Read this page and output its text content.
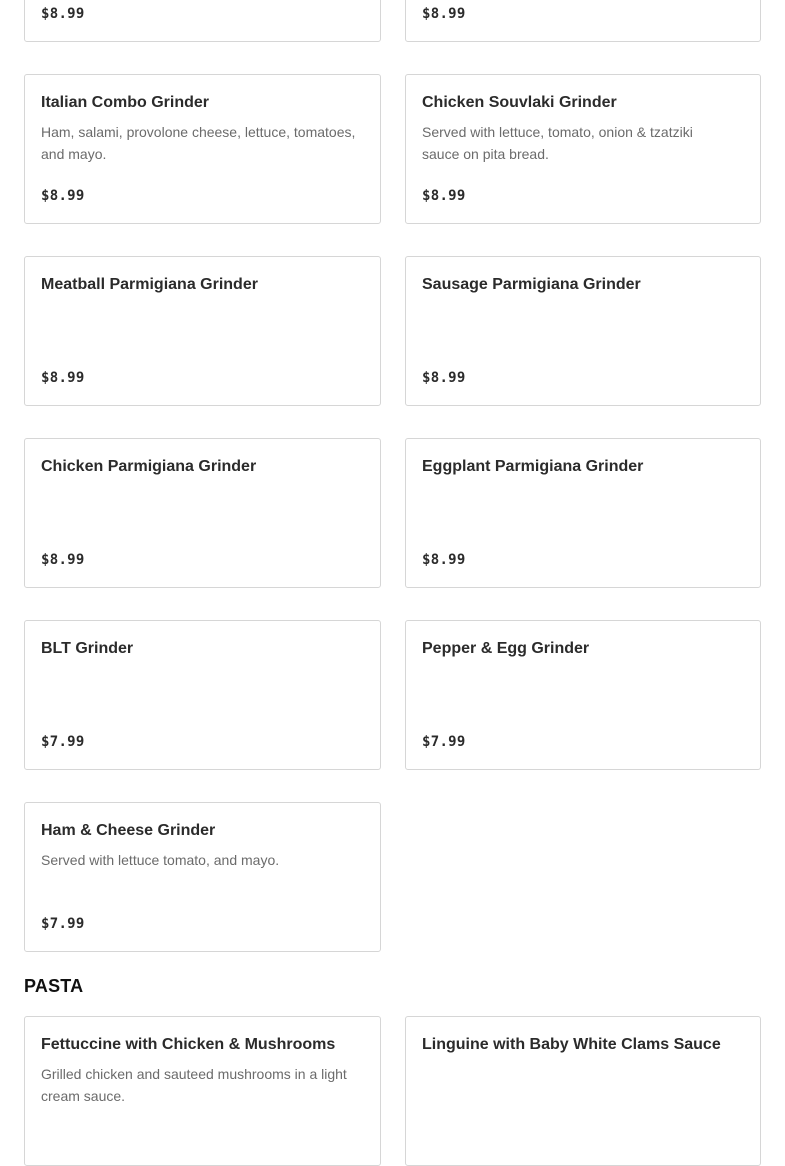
$8.99	$8.99
Italian Combo Grinder
Ham, salami, provolone cheese, lettuce, tomatoes, and mayo.
$8.99
Chicken Souvlaki Grinder
Served with lettuce, tomato, onion & tzatziki sauce on pita bread.
$8.99
Meatball Parmigiana Grinder
$8.99
Sausage Parmigiana Grinder
$8.99
Chicken Parmigiana Grinder
$8.99
Eggplant Parmigiana Grinder
$8.99
BLT Grinder
$7.99
Pepper & Egg Grinder
$7.99
Ham & Cheese Grinder
Served with lettuce tomato, and mayo.
$7.99
PASTA
Fettuccine with Chicken & Mushrooms
Grilled chicken and sauteed mushrooms in a light cream sauce.
Linguine with Baby White Clams Sauce
